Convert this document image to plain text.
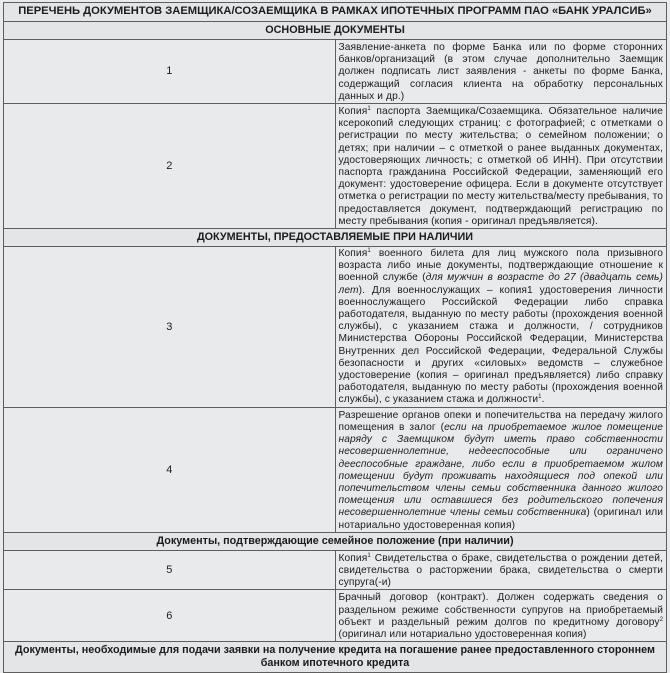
ПЕРЕЧЕНЬ ДОКУМЕНТОВ ЗАЕМЩИКА/СОЗАЕМЩИКА В РАМКАХ ИПОТЕЧНЫХ ПРОГРАММ ПАО «БАНК УРАЛСИБ»	
ОСНОВНЫЕ ДОКУМЕНТЫ	
1	Заявление-анкета по форме Банка или по форме сторонних банков/организаций (в этом случае дополнительно Заемщик должен подписать лист заявления - анкеты по форме Банка, содержащий согласия клиента на обработку персональных данных и др.)
2	Копия$^1$ паспорта Заемщика/Созаемщика. Обязательное наличие ксерокопий следующих страниц: с фотографией; с отметками о регистрации по месту жительства; о семейном положении; о детях; при наличии – с отметкой о ранее выданных документах, удостоверяющих личность; с отметкой об ИНН). При отсутствии паспорта гражданина Российской Федерации, заменяющий его документ: удостоверение офицера. Если в документе отсутствует отметка о регистрации по месту жительства/месту пребывания, то предоставляется документ, подтверждающий регистрацию по месту пребывания (копия - оригинал предъявляется).
ДОКУМЕНТЫ, ПРЕДОСТАВЛЯЕМЫЕ ПРИ НАЛИЧИИ	
3	Копия$^1$ военного билета для лиц мужского пола призывного возраста либо иные документы, подтверждающие отношение к военной службе (для мужчин в возрасте до 27 (двадцать семь) лет). Для военнослужащих – копия1 удостоверения личности военнослужащего Российской Федерации либо справка работодателя, выданную по месту работы (прохождения военной службы), с указанием стажа и должности, / сотрудников Министерства Обороны Российской Федерации, Министерства Внутренних дел Российской Федерации, Федеральной Службы безопасности и других «силовых» ведомств – служебное удостоверение (копия – оригинал предъявляется) либо справку работодателя, выданную по месту работы (прохождения военной службы), с указанием стажа и должности$^1$.
4	Разрешение органов опеки и попечительства на передачу жилого помещения в залог (если на приобретаемое жилое помещение наряду с Заемщиком будут иметь право собственности несовершеннолетние, недееспособные или ограничено дееспособные граждане, либо если в приобретаемом жилом помещении будут проживать находящиеся под опекой или попечительством члены семьи собственника данного жилого помещения или оставшиеся без родительского попечения несовершеннолетние члены семьи собственника) (оригинал или нотариально удостоверенная копия)
Документы, подтверждающие семейное положение (при наличии)	
5	Копия$^1$ Свидетельства о браке, свидетельства о рождении детей, свидетельства о расторжении брака, свидетельства о смерти супруга(-и)
6	Брачный договор (контракт). Должен содержать сведения о раздельном режиме собственности супругов на приобретаемый объект и раздельный режим долгов по кредитному договору$^2$ (оригинал или нотариально удостоверенная копия)
Документы, необходимые для подачи заявки на получение кредита на погашение ранее предоставленного стороннем банком ипотечного кредита	
